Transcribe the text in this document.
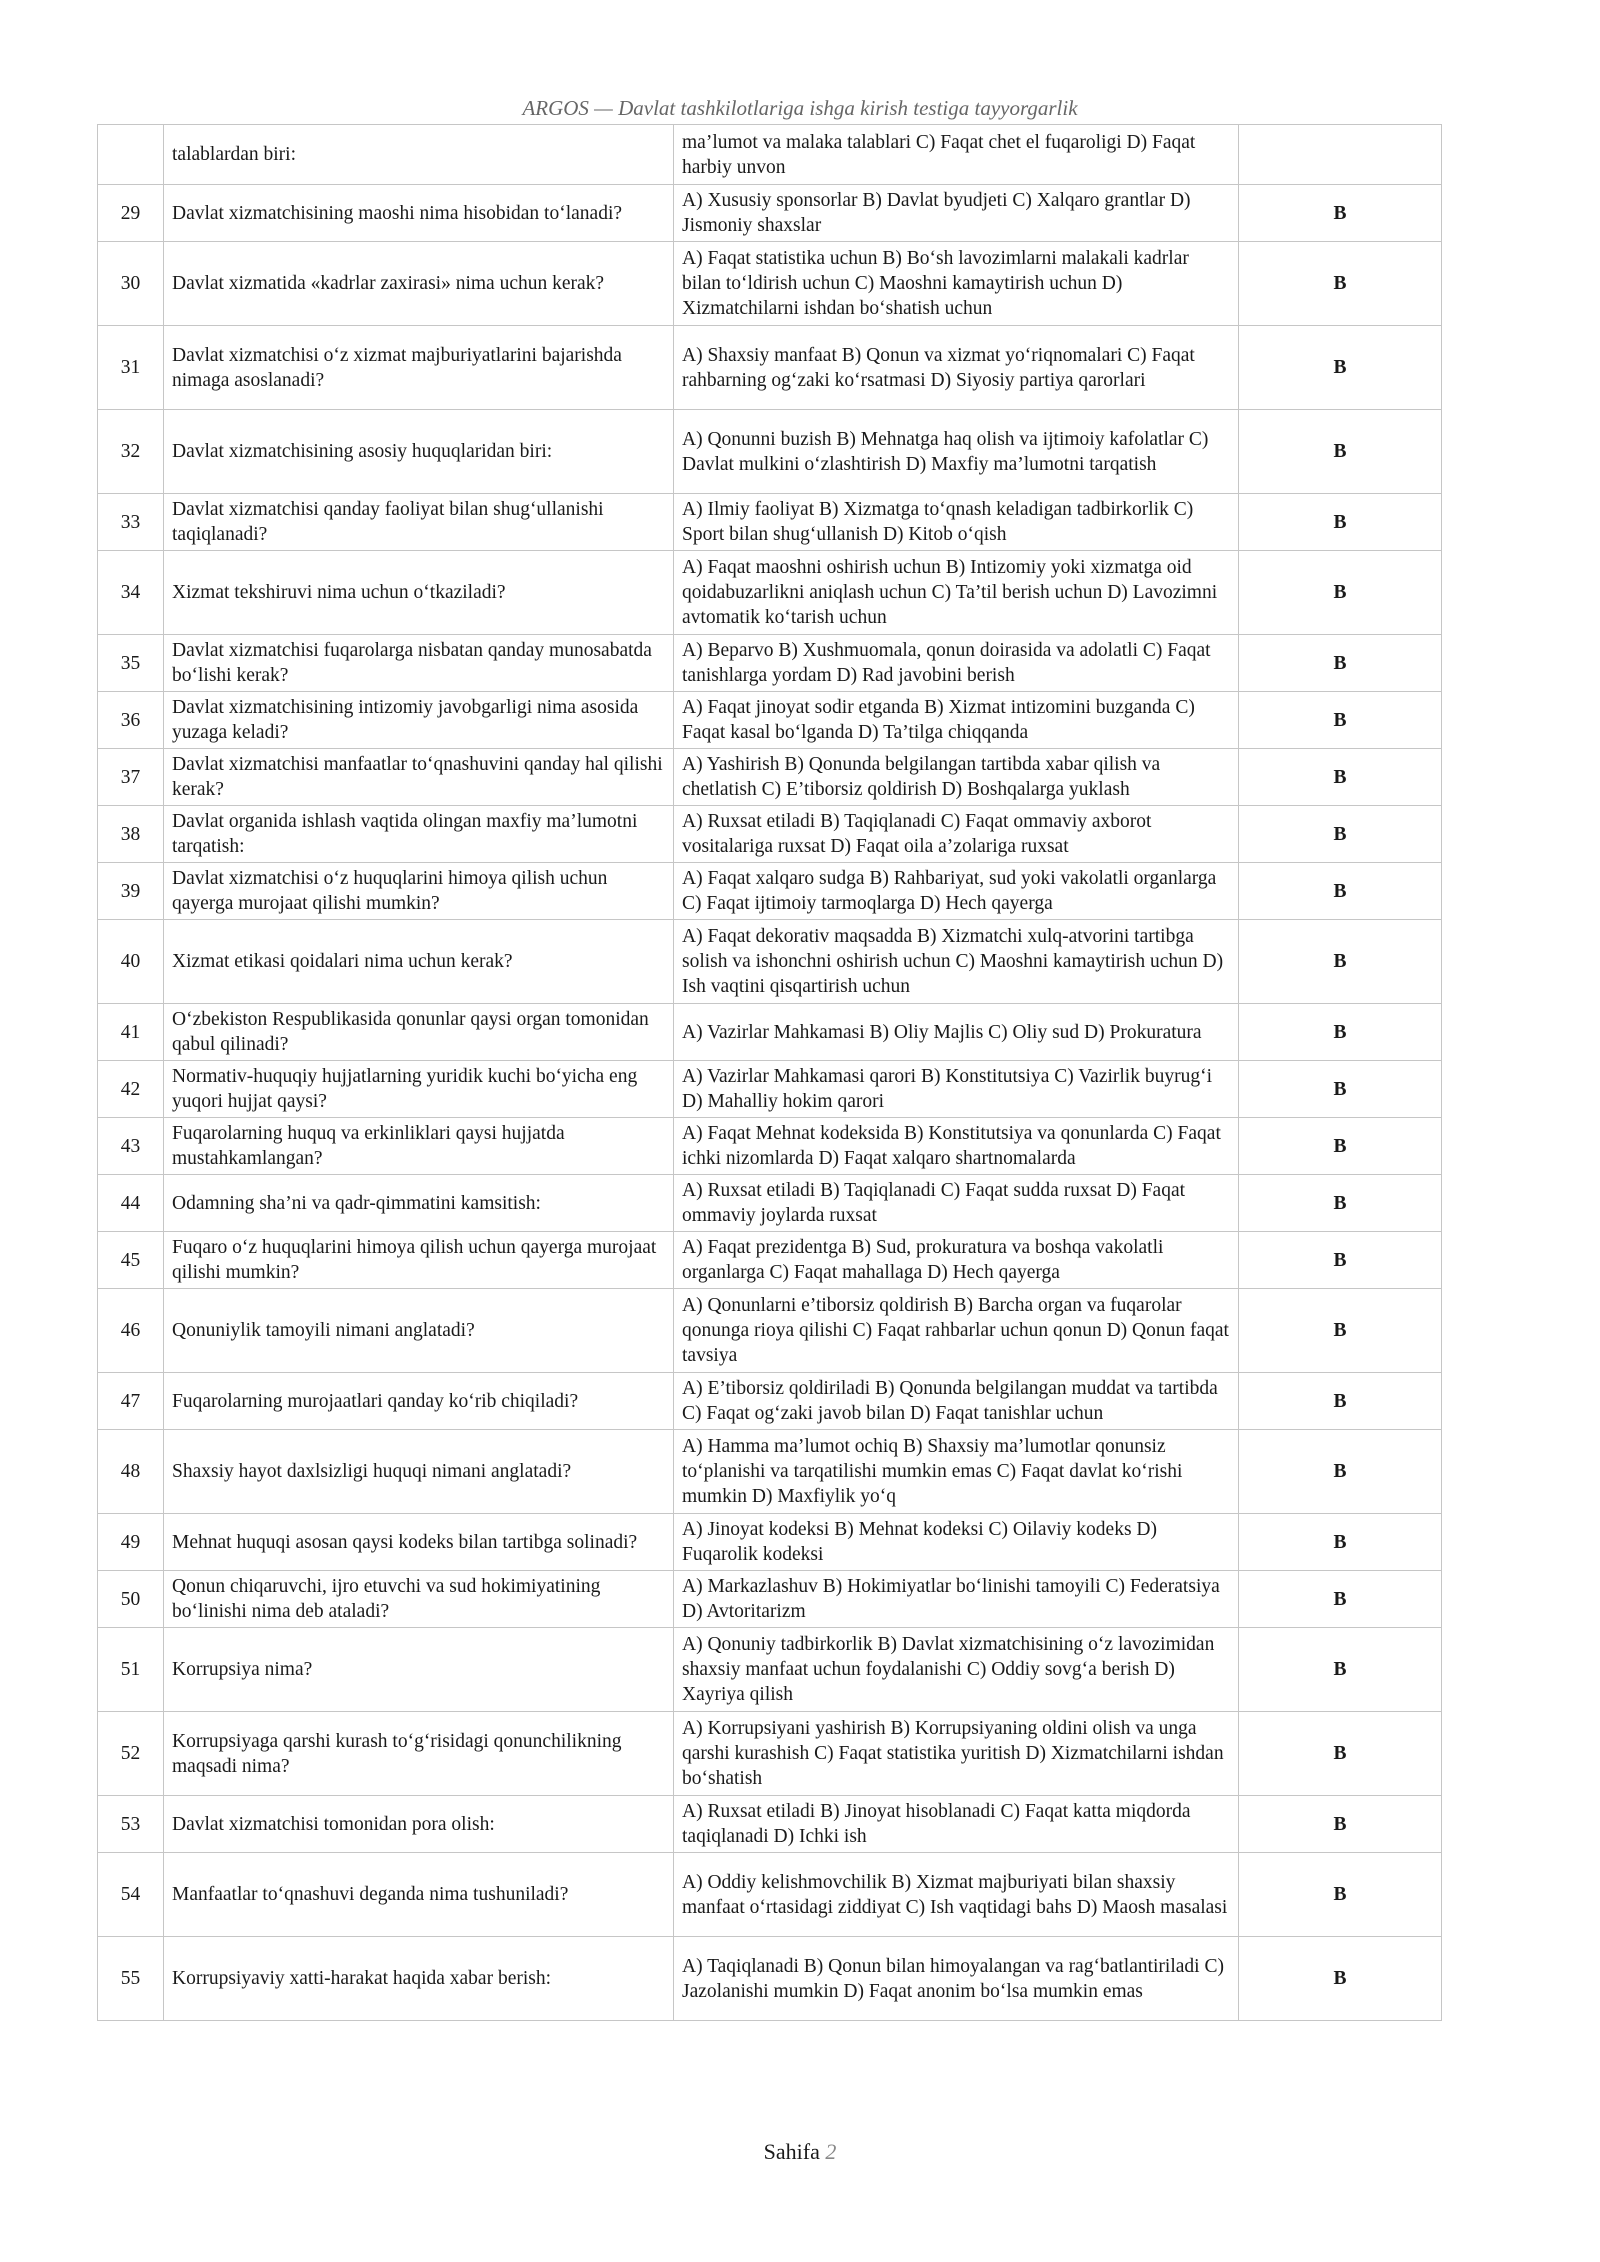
ARGOS — Davlat tashkilotlariga ishga kirish testiga tayyorgarlik
	talablardan biri:	ma’lumot va malaka talablari C) Faqat chet el fuqaroligi D) Faqat harbiy unvon	
29	Davlat xizmatchisining maoshi nima hisobidan to‘lanadi?	A) Xususiy sponsorlar B) Davlat byudjeti C) Xalqaro grantlar D) Jismoniy shaxslar	B
30	Davlat xizmatida «kadrlar zaxirasi» nima uchun kerak?	A) Faqat statistika uchun B) Bo‘sh lavozimlarni malakali kadrlar bilan to‘ldirish uchun C) Maoshni kamaytirish uchun D) Xizmatchilarni ishdan bo‘shatish uchun	B
31	Davlat xizmatchisi o‘z xizmat majburiyatlarini bajarishda nimaga asoslanadi?	A) Shaxsiy manfaat B) Qonun va xizmat yo‘riqnomalari C) Faqat rahbarning og‘zaki ko‘rsatmasi D) Siyosiy partiya qarorlari	B
32	Davlat xizmatchisining asosiy huquqlaridan biri:	A) Qonunni buzish B) Mehnatga haq olish va ijtimoiy kafolatlar C) Davlat mulkini o‘zlashtirish D) Maxfiy ma’lumotni tarqatish	B
33	Davlat xizmatchisi qanday faoliyat bilan shug‘ullanishi taqiqlanadi?	A) Ilmiy faoliyat B) Xizmatga to‘qnash keladigan tadbirkorlik C) Sport bilan shug‘ullanish D) Kitob o‘qish	B
34	Xizmat tekshiruvi nima uchun o‘tkaziladi?	A) Faqat maoshni oshirish uchun B) Intizomiy yoki xizmatga oid qoidabuzarlikni aniqlash uchun C) Ta’til berish uchun D) Lavozimni avtomatik ko‘tarish uchun	B
35	Davlat xizmatchisi fuqarolarga nisbatan qanday munosabatda bo‘lishi kerak?	A) Beparvo B) Xushmuomala, qonun doirasida va adolatli C) Faqat tanishlarga yordam D) Rad javobini berish	B
36	Davlat xizmatchisining intizomiy javobgarligi nima asosida yuzaga keladi?	A) Faqat jinoyat sodir etganda B) Xizmat intizomini buzganda C) Faqat kasal bo‘lganda D) Ta’tilga chiqqanda	B
37	Davlat xizmatchisi manfaatlar to‘qnashuvini qanday hal qilishi kerak?	A) Yashirish B) Qonunda belgilangan tartibda xabar qilish va chetlatish C) E’tiborsiz qoldirish D) Boshqalarga yuklash	B
38	Davlat organida ishlash vaqtida olingan maxfiy ma’lumotni tarqatish:	A) Ruxsat etiladi B) Taqiqlanadi C) Faqat ommaviy axborot vositalariga ruxsat D) Faqat oila a’zolariga ruxsat	B
39	Davlat xizmatchisi o‘z huquqlarini himoya qilish uchun qayerga murojaat qilishi mumkin?	A) Faqat xalqaro sudga B) Rahbariyat, sud yoki vakolatli organlarga C) Faqat ijtimoiy tarmoqlarga D) Hech qayerga	B
40	Xizmat etikasi qoidalari nima uchun kerak?	A) Faqat dekorativ maqsadda B) Xizmatchi xulq-atvorini tartibga solish va ishonchni oshirish uchun C) Maoshni kamaytirish uchun D) Ish vaqtini qisqartirish uchun	B
41	O‘zbekiston Respublikasida qonunlar qaysi organ tomonidan qabul qilinadi?	A) Vazirlar Mahkamasi B) Oliy Majlis C) Oliy sud D) Prokuratura	B
42	Normativ-huquqiy hujjatlarning yuridik kuchi bo‘yicha eng yuqori hujjat qaysi?	A) Vazirlar Mahkamasi qarori B) Konstitutsiya C) Vazirlik buyrug‘i D) Mahalliy hokim qarori	B
43	Fuqarolarning huquq va erkinliklari qaysi hujjatda mustahkamlangan?	A) Faqat Mehnat kodeksida B) Konstitutsiya va qonunlarda C) Faqat ichki nizomlarda D) Faqat xalqaro shartnomalarda	B
44	Odamning sha’ni va qadr-qimmatini kamsitish:	A) Ruxsat etiladi B) Taqiqlanadi C) Faqat sudda ruxsat D) Faqat ommaviy joylarda ruxsat	B
45	Fuqaro o‘z huquqlarini himoya qilish uchun qayerga murojaat qilishi mumkin?	A) Faqat prezidentga B) Sud, prokuratura va boshqa vakolatli organlarga C) Faqat mahallaga D) Hech qayerga	B
46	Qonuniylik tamoyili nimani anglatadi?	A) Qonunlarni e’tiborsiz qoldirish B) Barcha organ va fuqarolar qonunga rioya qilishi C) Faqat rahbarlar uchun qonun D) Qonun faqat tavsiya	B
47	Fuqarolarning murojaatlari qanday ko‘rib chiqiladi?	A) E’tiborsiz qoldiriladi B) Qonunda belgilangan muddat va tartibda C) Faqat og‘zaki javob bilan D) Faqat tanishlar uchun	B
48	Shaxsiy hayot daxlsizligi huquqi nimani anglatadi?	A) Hamma ma’lumot ochiq B) Shaxsiy ma’lumotlar qonunsiz to‘planishi va tarqatilishi mumkin emas C) Faqat davlat ko‘rishi mumkin D) Maxfiylik yo‘q	B
49	Mehnat huquqi asosan qaysi kodeks bilan tartibga solinadi?	A) Jinoyat kodeksi B) Mehnat kodeksi C) Oilaviy kodeks D) Fuqarolik kodeksi	B
50	Qonun chiqaruvchi, ijro etuvchi va sud hokimiyatining bo‘linishi nima deb ataladi?	A) Markazlashuv B) Hokimiyatlar bo‘linishi tamoyili C) Federatsiya D) Avtoritarizm	B
51	Korrupsiya nima?	A) Qonuniy tadbirkorlik B) Davlat xizmatchisining o‘z lavozimidan shaxsiy manfaat uchun foydalanishi C) Oddiy sovg‘a berish D) Xayriya qilish	B
52	Korrupsiyaga qarshi kurash to‘g‘risidagi qonunchilikning maqsadi nima?	A) Korrupsiyani yashirish B) Korrupsiyaning oldini olish va unga qarshi kurashish C) Faqat statistika yuritish D) Xizmatchilarni ishdan bo‘shatish	B
53	Davlat xizmatchisi tomonidan pora olish:	A) Ruxsat etiladi B) Jinoyat hisoblanadi C) Faqat katta miqdorda taqiqlanadi D) Ichki ish	B
54	Manfaatlar to‘qnashuvi deganda nima tushuniladi?	A) Oddiy kelishmovchilik B) Xizmat majburiyati bilan shaxsiy manfaat o‘rtasidagi ziddiyat C) Ish vaqtidagi bahs D) Maosh masalasi	B
55	Korrupsiyaviy xatti-harakat haqida xabar berish:	A) Taqiqlanadi B) Qonun bilan himoyalangan va rag‘batlantiriladi C) Jazolanishi mumkin D) Faqat anonim bo‘lsa mumkin emas	B
Sahifa 2
